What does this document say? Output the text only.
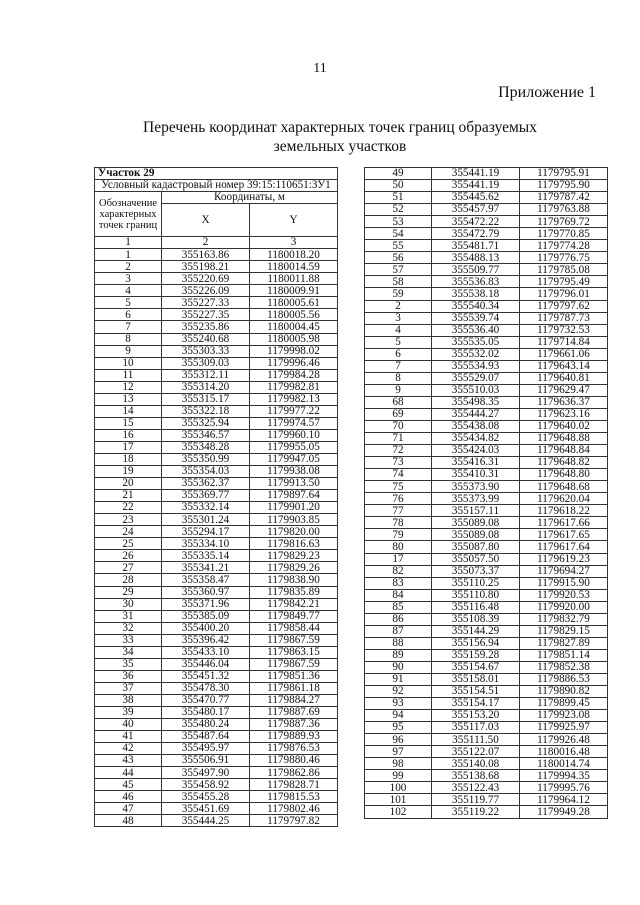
11
Приложение 1
Перечень координат характерных точек границ образуемых земельных участков
Участок 29		
Условный кадастровый номер 39:15:110651:ЗУ1		
Обозначение характерных точек границ	Координаты, м	
	X	Y
1	2	3
1	355163.86	1180018.20
2	355198.21	1180014.59
3	355220.69	1180011.88
4	355226.09	1180009.91
5	355227.33	1180005.61
6	355227.35	1180005.56
7	355235.86	1180004.45
8	355240.68	1180005.98
9	355303.33	1179998.02
10	355309.03	1179996.46
11	355312.11	1179984.28
12	355314.20	1179982.81
13	355315.17	1179982.13
14	355322.18	1179977.22
15	355325.94	1179974.57
16	355346.57	1179960.10
17	355348.28	1179955.05
18	355350.99	1179947.05
19	355354.03	1179938.08
20	355362.37	1179913.50
21	355369.77	1179897.64
22	355332.14	1179901.20
23	355301.24	1179903.85
24	355294.17	1179820.00
25	355334.10	1179816.63
26	355335.14	1179829.23
27	355341.21	1179829.26
28	355358.47	1179838.90
29	355360.97	1179835.89
30	355371.96	1179842.21
31	355385.09	1179849.77
32	355400.20	1179858.44
33	355396.42	1179867.59
34	355433.10	1179863.15
35	355446.04	1179867.59
36	355451.32	1179851.36
37	355478.30	1179861.18
38	355470.77	1179884.27
39	355480.17	1179887.69
40	355480.24	1179887.36
41	355487.64	1179889.93
42	355495.97	1179876.53
43	355506.91	1179880.46
44	355497.90	1179862.86
45	355458.92	1179828.71
46	355455.28	1179815.53
47	355451.69	1179802.46
48	355444.25	1179797.82
49	355441.19	1179795.91
50	355441.19	1179795.90
51	355445.62	1179787.42
52	355457.97	1179763.88
53	355472.22	1179769.72
54	355472.79	1179770.85
55	355481.71	1179774.28
56	355488.13	1179776.75
57	355509.77	1179785.08
58	355536.83	1179795.49
59	355538.18	1179796.01
2	355540.34	1179797.62
3	355539.74	1179787.73
4	355536.40	1179732.53
5	355535.05	1179714.84
6	355532.02	1179661.06
7	355534.93	1179643.14
8	355529.07	1179640.81
9	355510.03	1179629.47
68	355498.35	1179636.37
69	355444.27	1179623.16
70	355438.08	1179640.02
71	355434.82	1179648.88
72	355424.03	1179648.84
73	355416.31	1179648.82
74	355410.31	1179648.80
75	355373.90	1179648.68
76	355373.99	1179620.04
77	355157.11	1179618.22
78	355089.08	1179617.66
79	355089.08	1179617.65
80	355087.80	1179617.64
17	355057.50	1179619.23
82	355073.37	1179694.27
83	355110.25	1179915.90
84	355110.80	1179920.53
85	355116.48	1179920.00
86	355108.39	1179832.79
87	355144.29	1179829.15
88	355156.94	1179827.89
89	355159.28	1179851.14
90	355154.67	1179852.38
91	355158.01	1179886.53
92	355154.51	1179890.82
93	355154.17	1179899.45
94	355153.20	1179923.08
95	355117.03	1179925.97
96	355111.50	1179926.48
97	355122.07	1180016.48
98	355140.08	1180014.74
99	355138.68	1179994.35
100	355122.43	1179995.76
101	355119.77	1179964.12
102	355119.22	1179949.28
